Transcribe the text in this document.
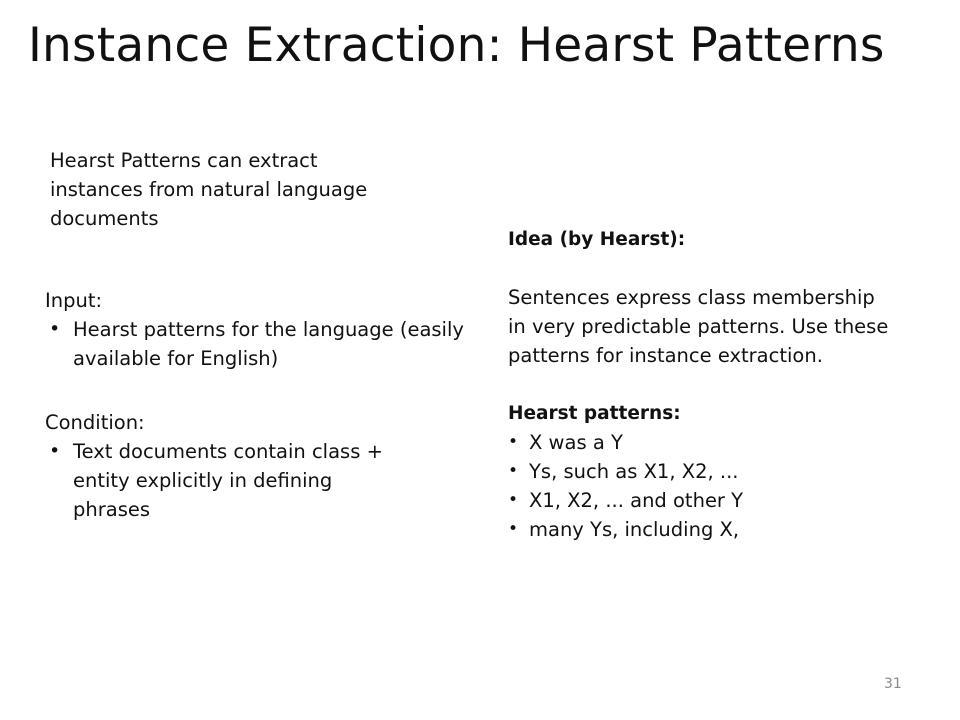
Instance Extraction: Hearst Patterns

Hearst Patterns can extract instances from natural language documents

Input:

• Hearst patterns for the language (easily available for English)

Condition:

• Text documents contain class + entity explicitly in defining phrases

Idea (by Hearst):

Sentences express class membership

in very predictable patterns. Use these

patterns for instance extraction.

Hearst patterns:

• X was a Y
• Ys, such as X1, X2, ...
• X1, X2, ... and other Y
• many Ys, including X,
31
